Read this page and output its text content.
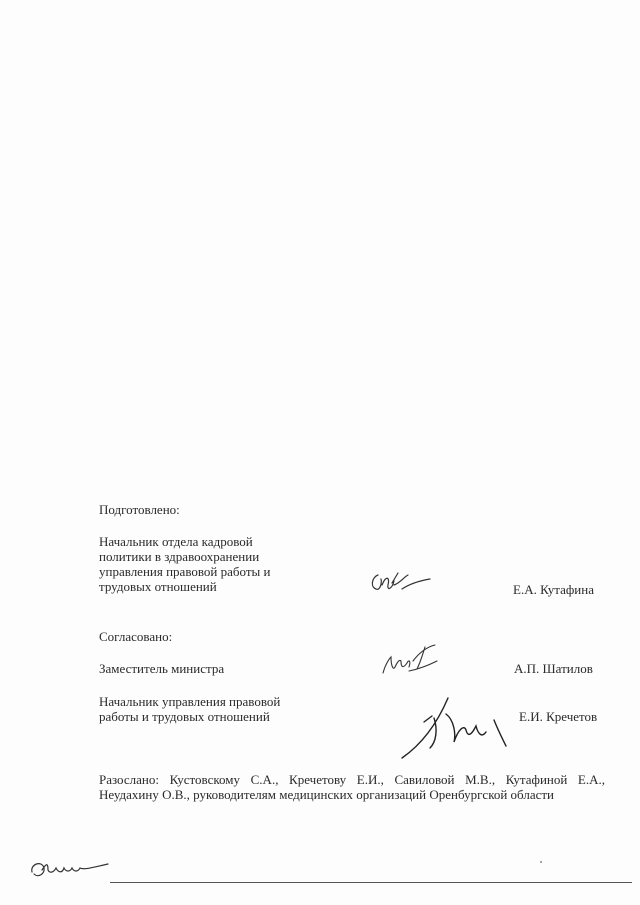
Подготовлено:
Начальник отдела кадровой
политики в здравоохранении
управления правовой работы и
трудовых отношений	Е.А. Кутафина
Согласовано:
Заместитель министра	А.П. Шатилов
Начальник управления правовой
работы и трудовых отношений	Е.И. Кречетов
Разослано: Кустовскому С.А., Кречетову Е.И., Савиловой М.В., Кутафиной Е.А., Неудахину О.В., руководителям медицинских организаций Оренбургской области
